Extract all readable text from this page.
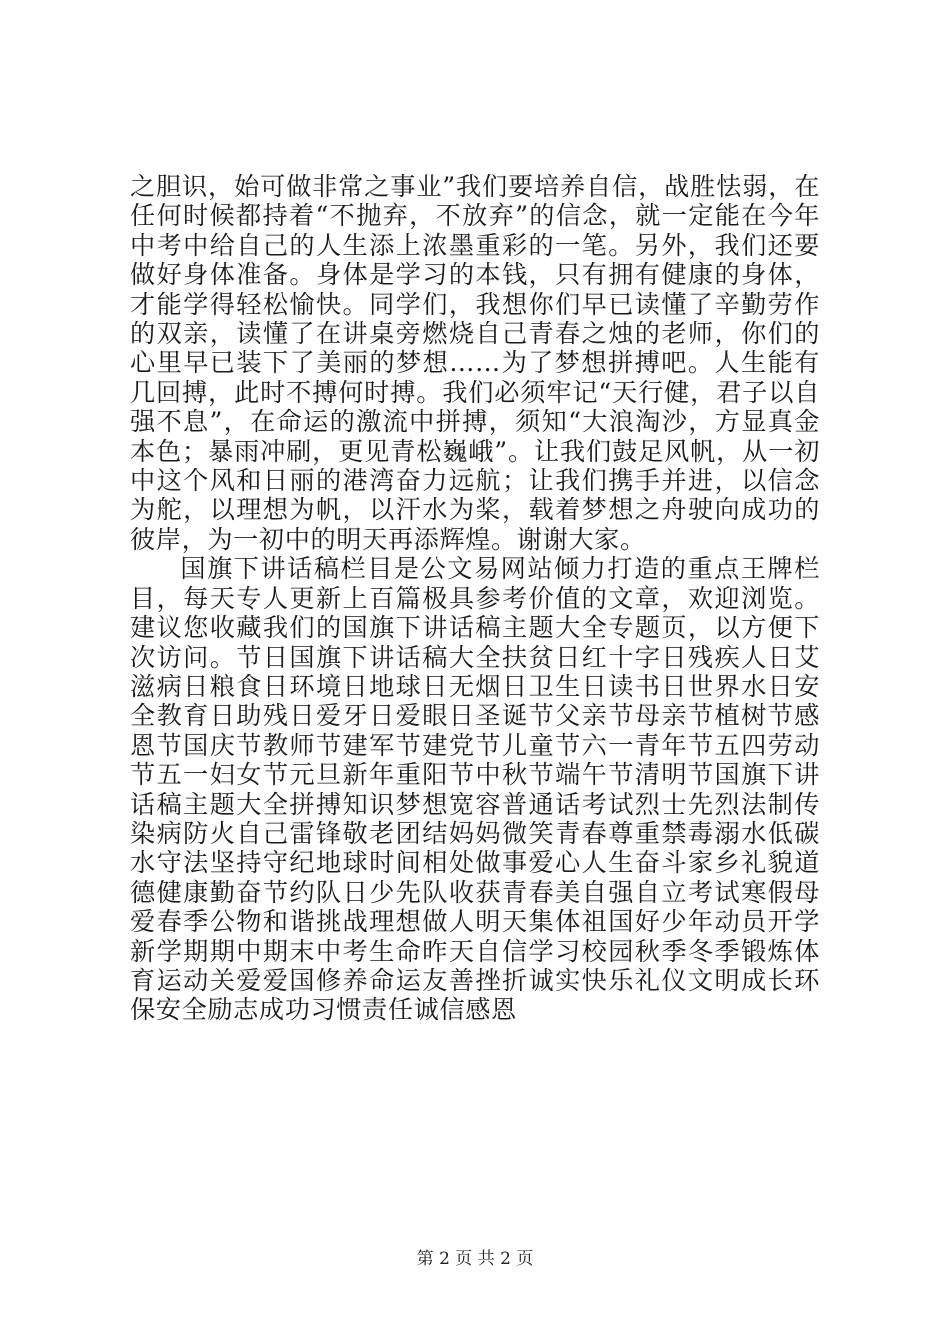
之胆识，始可做非常之事业”我们要培养自信，战胜怯弱，在任何时候都持着“不抛弃，不放弃”的信念，就一定能在今年中考中给自己的人生添上浓墨重彩的一笔。另外，我们还要做好身体准备。身体是学习的本钱，只有拥有健康的身体，才能学得轻松愉快。同学们，我想你们早已读懂了辛勤劳作的双亲，读懂了在讲桌旁燃烧自己青春之烛的老师，你们的心里早已装下了美丽的梦想……为了梦想拼搏吧。人生能有几回搏，此时不搏何时搏。我们必须牢记“天行健，君子以自强不息”，在命运的激流中拼搏，须知“大浪淘沙，方显真金本色；暴雨冲刷，更见青松巍峨”。让我们鼓足风帆，从一初中这个风和日丽的港湾奋力远航；让我们携手并进，以信念为舵，以理想为帆，以汗水为桨，载着梦想之舟驶向成功的彼岸，为一初中的明天再添辉煌。谢谢大家。

国旗下讲话稿栏目是公文易网站倾力打造的重点王牌栏目，每天专人更新上百篇极具参考价值的文章，欢迎浏览。建议您收藏我们的国旗下讲话稿主题大全专题页，以方便下次访问。节日国旗下讲话稿大全扶贫日红十字日残疾人日艾滋病日粮食日环境日地球日无烟日卫生日读书日世界水日安全教育日助残日爱牙日爱眼日圣诞节父亲节母亲节植树节感恩节国庆节教师节建军节建党节儿童节六一青年节五四劳动节五一妇女节元旦新年重阳节中秋节端午节清明节国旗下讲话稿主题大全拼搏知识梦想宽容普通话考试烈士先烈法制传染病防火自己雷锋敬老团结妈妈微笑青春尊重禁毒溺水低碳水守法坚持守纪地球时间相处做事爱心人生奋斗家乡礼貌道德健康勤奋节约队日少先队收获青春美自强自立考试寒假母爱春季公物和谐挑战理想做人明天集体祖国好少年动员开学新学期期中期末中考生命昨天自信学习校园秋季冬季锻炼体育运动关爱爱国修养命运友善挫折诚实快乐礼仪文明成长环保安全励志成功习惯责任诚信感恩

第 2 页 共 2 页
